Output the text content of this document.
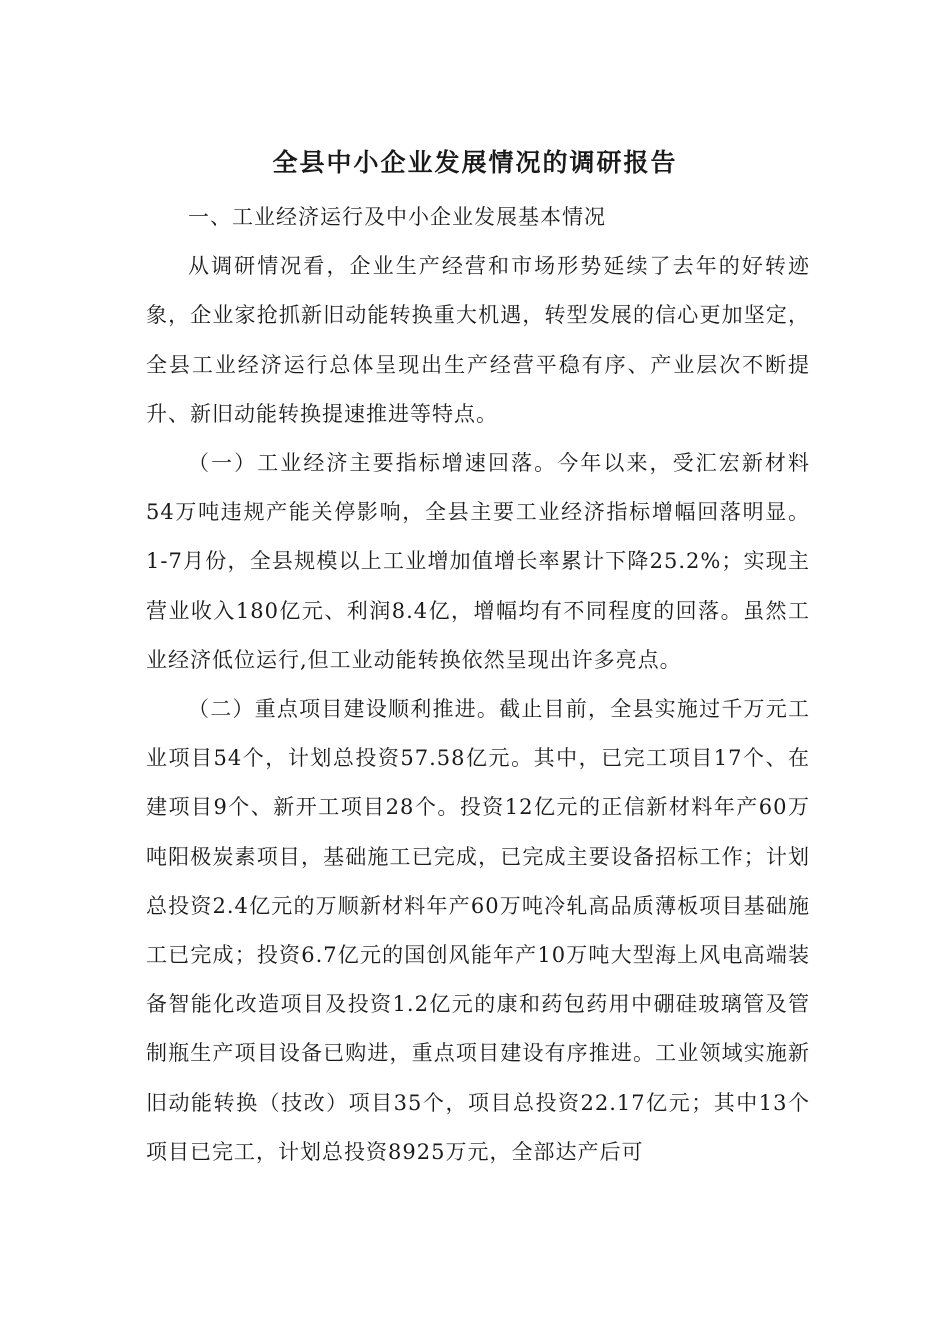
全县中小企业发展情况的调研报告

一、工业经济运行及中小企业发展基本情况

从调研情况看，企业生产经营和市场形势延续了去年的好转迹象，企业家抢抓新旧动能转换重大机遇，转型发展的信心更加坚定，全县工业经济运行总体呈现出生产经营平稳有序、产业层次不断提升、新旧动能转换提速推进等特点。

（一）工业经济主要指标增速回落。今年以来，受汇宏新材料54万吨违规产能关停影响，全县主要工业经济指标增幅回落明显。1-7月份，全县规模以上工业增加值增长率累计下降25.2%；实现主营业收入180亿元、利润8.4亿，增幅均有不同程度的回落。虽然工业经济低位运行,但工业动能转换依然呈现出许多亮点。

（二）重点项目建设顺利推进。截止目前，全县实施过千万元工业项目54个，计划总投资57.58亿元。其中，已完工项目17个、在建项目9个、新开工项目28个。投资12亿元的正信新材料年产60万吨阳极炭素项目，基础施工已完成，已完成主要设备招标工作；计划总投资2.4亿元的万顺新材料年产60万吨冷轧高品质薄板项目基础施工已完成；投资6.7亿元的国创风能年产10万吨大型海上风电高端装备智能化改造项目及投资1.2亿元的康和药包药用中硼硅玻璃管及管制瓶生产项目设备已购进，重点项目建设有序推进。工业领域实施新旧动能转换（技改）项目35个，项目总投资22.17亿元；其中13个项目已完工，计划总投资8925万元，全部达产后可
